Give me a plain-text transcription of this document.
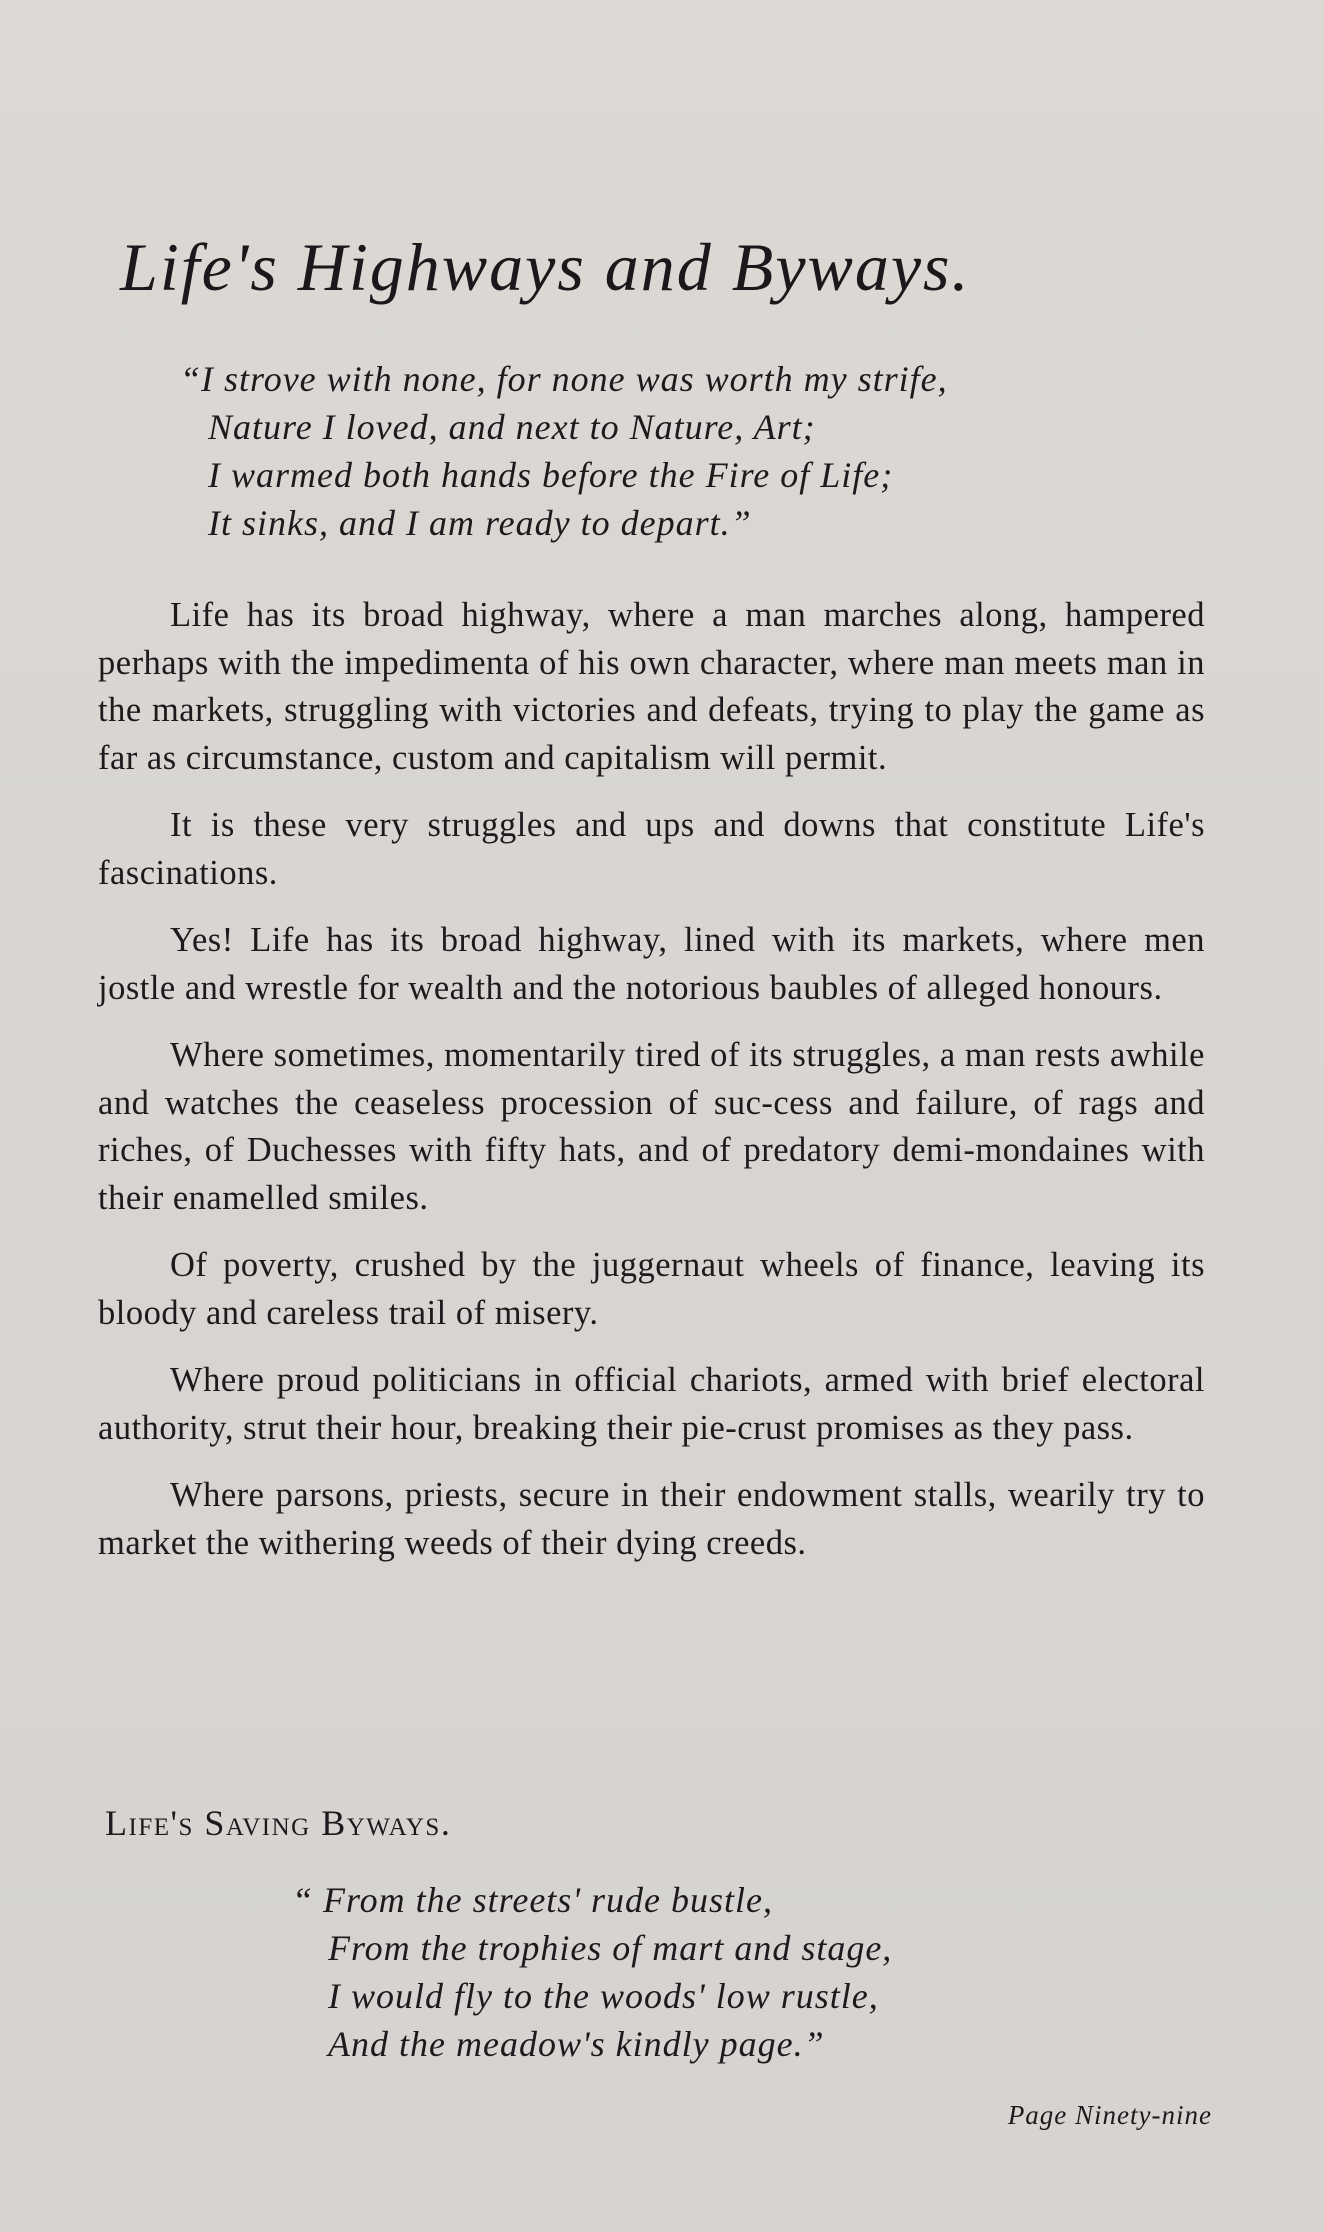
Life's Highways and Byways.
“I strove with none, for none was worth my strife,
Nature I loved, and next to Nature, Art;
I warmed both hands before the Fire of Life;
It sinks, and I am ready to depart.”

Life has its broad highway, where a man marches along, hampered perhaps with the impedimenta of his own character, where man meets man in the markets, struggling with victories and defeats, trying to play the game as far as circumstance, custom and capitalism will permit.

It is these very struggles and ups and downs that constitute Life's fascinations.

Yes! Life has its broad highway, lined with its markets, where men jostle and wrestle for wealth and the notorious baubles of alleged honours.

Where sometimes, momentarily tired of its struggles, a man rests awhile and watches the ceaseless procession of suc-cess and failure, of rags and riches, of Duchesses with fifty hats, and of predatory demi-mondaines with their enamelled smiles.

Of poverty, crushed by the juggernaut wheels of finance, leaving its bloody and careless trail of misery.

Where proud politicians in official chariots, armed with brief electoral authority, strut their hour, breaking their pie-crust promises as they pass.

Where parsons, priests, secure in their endowment stalls, wearily try to market the withering weeds of their dying creeds.

Life's Saving Byways.
“ From the streets' rude bustle,
From the trophies of mart and stage,
I would fly to the woods' low rustle,
And the meadow's kindly page.”
Page Ninety-nine
